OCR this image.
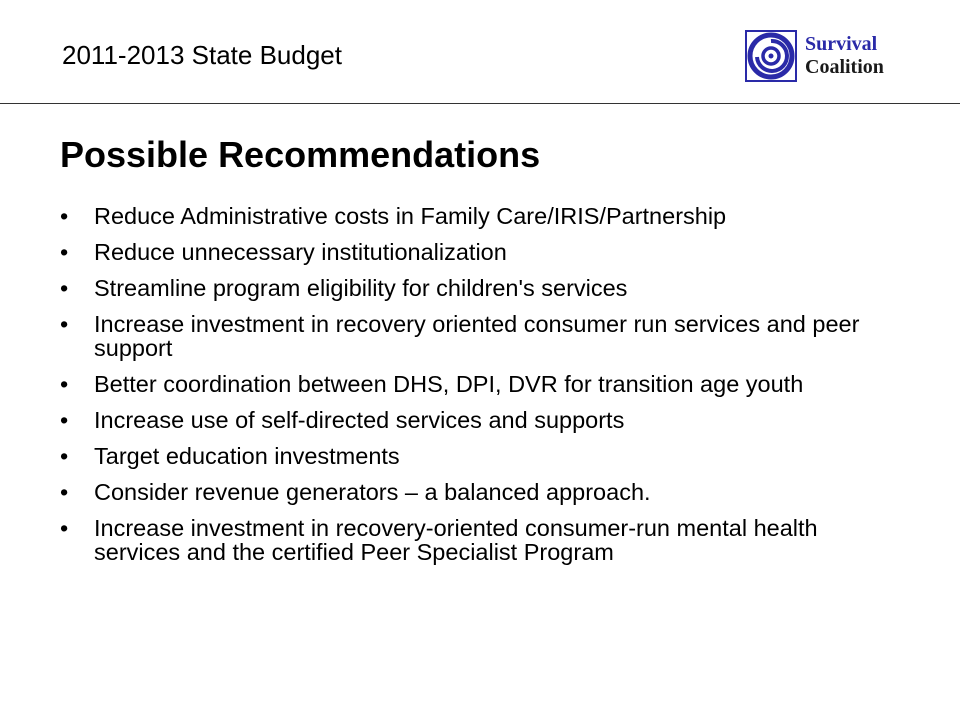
2011-2013 State Budget	Survival
Coalition
Possible Recommendations
• Reduce Administrative costs in Family Care/IRIS/Partnership
• Reduce unnecessary institutionalization
• Streamline program eligibility for children's services
• Increase investment in recovery oriented consumer run services and peer support
• Better coordination between DHS, DPI, DVR for transition age youth
• Increase use of self-directed services and supports
• Target education investments
• Consider revenue generators – a balanced approach.
• Increase investment in recovery-oriented consumer-run mental health services and the certified Peer Specialist Program
